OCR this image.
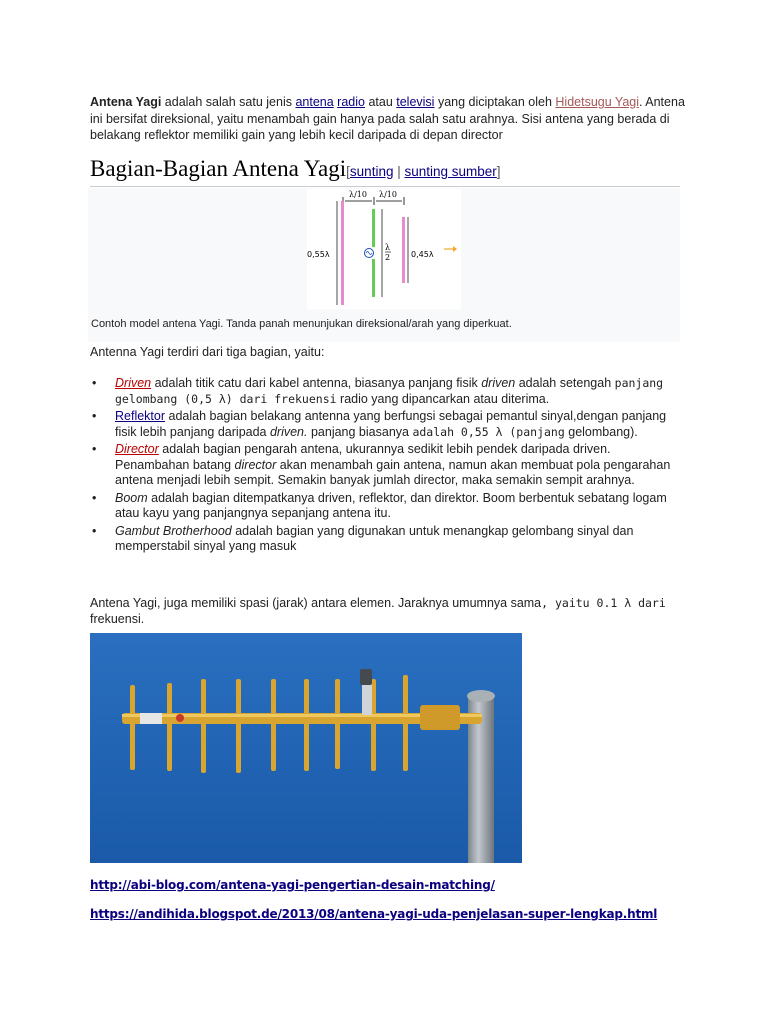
Antena Yagi adalah salah satu jenis antena radio atau televisi yang diciptakan oleh Hidetsugu Yagi. Antena ini bersifat direksional, yaitu menambah gain hanya pada salah satu arahnya. Sisi antena yang berada di belakang reflektor memiliki gain yang lebih kecil daripada di depan director
Bagian-Bagian Antena Yagi[sunting | sunting sumber]
λ/10 λ/10
0,55λ
λ
2	0,45λ
Contoh model antena Yagi. Tanda panah menunjukan direksional/arah yang diperkuat.
Antenna Yagi terdiri dari tiga bagian, yaitu:
• Driven adalah titik catu dari kabel antenna, biasanya panjang fisik driven adalah setengah panjang gelombang (0,5 λ) dari frekuensi radio yang dipancarkan atau diterima.
• Reflektor adalah bagian belakang antenna yang berfungsi sebagai pemantul sinyal,dengan panjang fisik lebih panjang daripada driven. panjang biasanya adalah 0,55 λ (panjang gelombang).
• Director adalah bagian pengarah antena, ukurannya sedikit lebih pendek daripada driven. Penambahan batang director akan menambah gain antena, namun akan membuat pola pengarahan antena menjadi lebih sempit. Semakin banyak jumlah director, maka semakin sempit arahnya.
• Boom adalah bagian ditempatkanya driven, reflektor, dan direktor. Boom berbentuk sebatang logam atau kayu yang panjangnya sepanjang antena itu.
• Gambut Brotherhood adalah bagian yang digunakan untuk menangkap gelombang sinyal dan memperstabil sinyal yang masuk
Antena Yagi, juga memiliki spasi (jarak) antara elemen. Jaraknya umumnya sama, yaitu 0.1 λ dari frekuensi.
http://abi-blog.com/antena-yagi-pengertian-desain-matching/
https://andihida.blogspot.de/2013/08/antena-yagi-uda-penjelasan-super-lengkap.html
